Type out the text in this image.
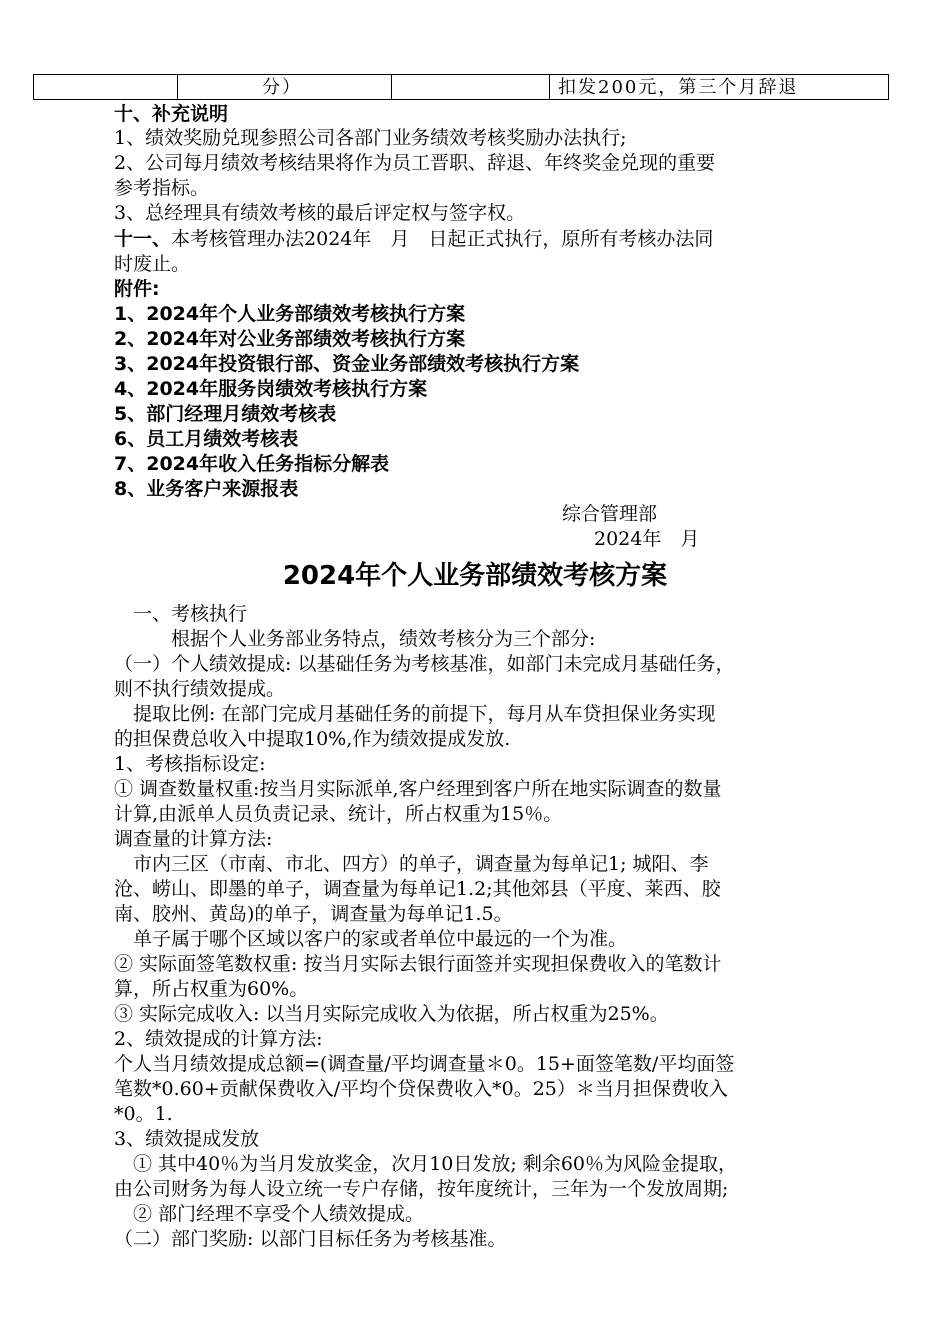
分）	扣发200元，第三个月辞退
十、补充说明
1、绩效奖励兑现参照公司各部门业务绩效考核奖励办法执行;
2、公司每月绩效考核结果将作为员工晋职、辞退、年终奖金兑现的重要
参考指标。
3、总经理具有绩效考核的最后评定权与签字权。
十一、本考核管理办法2024年　月　日起正式执行，原所有考核办法同
时废止。
附件:
1、2024年个人业务部绩效考核执行方案
2、2024年对公业务部绩效考核执行方案
3、2024年投资银行部、资金业务部绩效考核执行方案
4、2024年服务岗绩效考核执行方案
5、部门经理月绩效考核表
6、员工月绩效考核表
7、2024年收入任务指标分解表
8、业务客户来源报表
综合管理部
2024年　月
2024年个人业务部绩效考核方案
　一、考核执行
　　　根据个人业务部业务特点，绩效考核分为三个部分:
（一）个人绩效提成: 以基础任务为考核基准，如部门未完成月基础任务，
则不执行绩效提成。
　提取比例: 在部门完成月基础任务的前提下，每月从车贷担保业务实现
的担保费总收入中提取10%,作为绩效提成发放.
1、考核指标设定:
① 调查数量权重:按当月实际派单,客户经理到客户所在地实际调查的数量
计算,由派单人员负责记录、统计，所占权重为15％。
调查量的计算方法:
　市内三区（市南、市北、四方）的单子，调查量为每单记1; 城阳、李
沧、崂山、即墨的单子，调查量为每单记1.2;其他郊县（平度、莱西、胶
南、胶州、黄岛)的单子，调查量为每单记1.5。
　单子属于哪个区域以客户的家或者单位中最远的一个为准。
② 实际面签笔数权重: 按当月实际去银行面签并实现担保费收入的笔数计
算，所占权重为60%。
③ 实际完成收入: 以当月实际完成收入为依据，所占权重为25%。
2、绩效提成的计算方法:
个人当月绩效提成总额=(调查量/平均调查量＊0。15+面签笔数/平均面签
笔数*0.60+贡献保费收入/平均个贷保费收入*0。25）＊当月担保费收入
*0。1.
3、绩效提成发放
　① 其中40％为当月发放奖金，次月10日发放; 剩余60％为风险金提取，
由公司财务为每人设立统一专户存储，按年度统计，三年为一个发放周期;
　② 部门经理不享受个人绩效提成。
（二）部门奖励: 以部门目标任务为考核基准。
